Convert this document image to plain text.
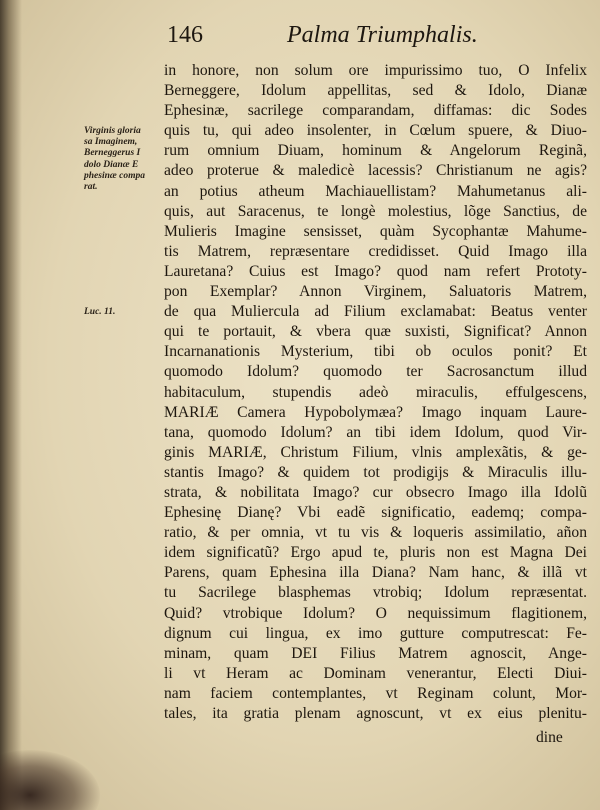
146	Palma Triumphalis.
Virginis gloria
sa Imaginem,
Berneggerus I
dolo Dianæ E
phesinæ compa
rat.
Luc. 11.
in honore, non solum ore impurissimo tuo, O Infelix
Berneggere, Idolum appellitas, sed & Idolo, Dianæ
Ephesinæ, sacrilege comparandam, diffamas: dic Sodes
quis tu, qui adeo insolenter, in Cœlum spuere, & Diuo-
rum omnium Diuam, hominum & Angelorum Reginã,
adeo proterue & maledicè lacessis? Christianum ne agis?
an potius atheum Machiauellistam? Mahumetanus ali-
quis, aut Saracenus, te longè molestius, lõge Sanctius, de
Mulieris Imagine sensisset, quàm Sycophantæ Mahume-
tis Matrem, repræsentare credidisset. Quid Imago illa
Lauretana? Cuius est Imago? quod nam refert Prototy-
pon Exemplar? Annon Virginem, Saluatoris Matrem,
de qua Muliercula ad Filium exclamabat: Beatus venter
qui te portauit, & vbera quæ suxisti, Significat? Annon
Incarnanationis Mysterium, tibi ob oculos ponit? Et
quomodo Idolum? quomodo ter Sacrosanctum illud
habitaculum, stupendis adeò miraculis, effulgescens,
MARIÆ Camera Hypobolymæa? Imago inquam Laure-
tana, quomodo Idolum? an tibi idem Idolum, quod Vir-
ginis MARIÆ, Christum Filium, vlnis amplexãtis, & ge-
stantis Imago? & quidem tot prodigijs & Miraculis illu-
strata, & nobilitata Imago? cur obsecro Imago illa Idolũ
Ephesinę Dianę? Vbi eadẽ significatio, eademq; compa-
ratio, & per omnia, vt tu vis & loqueris assimilatio, añon
idem significatũ? Ergo apud te, pluris non est Magna Dei
Parens, quam Ephesina illa Diana? Nam hanc, & illã vt
tu Sacrilege blasphemas vtrobiq; Idolum repræsentat.
Quid? vtrobique Idolum? O nequissimum flagitionem,
dignum cui lingua, ex imo gutture computrescat: Fe-
minam, quam DEI Filius Matrem agnoscit, Ange-
li vt Heram ac Dominam venerantur, Electi Diui-
nam faciem contemplantes, vt Reginam colunt, Mor-
tales, ita gratia plenam agnoscunt, vt ex eius plenitu-
dine
